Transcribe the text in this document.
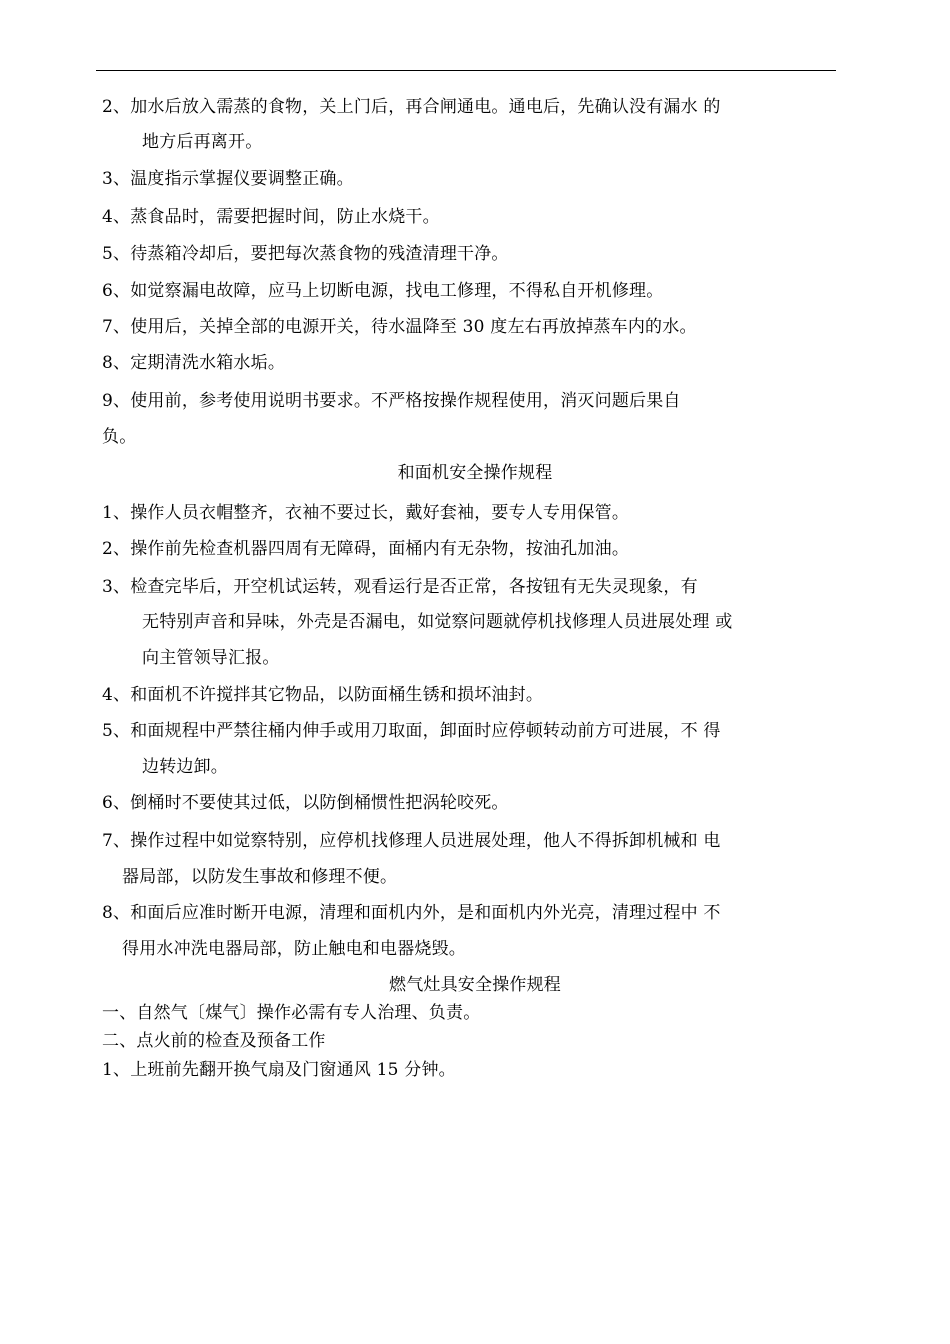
2、加水后放入需蒸的食物，关上门后，再合闸通电。通电后，先确认没有漏水 的
地方后再离开。
3、温度指示掌握仪要调整正确。
4、蒸食品时，需要把握时间，防止水烧干。
5、待蒸箱冷却后，要把每次蒸食物的残渣清理干净。
6、如觉察漏电故障，应马上切断电源，找电工修理，不得私自开机修理。
7、使用后，关掉全部的电源开关，待水温降至 30 度左右再放掉蒸车内的水。
8、定期清洗水箱水垢。
9、使用前，参考使用说明书要求。不严格按操作规程使用，消灭问题后果自
负。
和面机安全操作规程
1、操作人员衣帽整齐，衣袖不要过长，戴好套袖，要专人专用保管。
2、操作前先检查机器四周有无障碍，面桶内有无杂物，按油孔加油。
3、检查完毕后，开空机试运转，观看运行是否正常，各按钮有无失灵现象，有
无特别声音和异味，外壳是否漏电，如觉察问题就停机找修理人员进展处理 或
向主管领导汇报。
4、和面机不许搅拌其它物品，以防面桶生锈和损坏油封。
5、和面规程中严禁往桶内伸手或用刀取面，卸面时应停顿转动前方可进展，不 得
边转边卸。
6、倒桶时不要使其过低，以防倒桶惯性把涡轮咬死。
7、操作过程中如觉察特别，应停机找修理人员进展处理，他人不得拆卸机械和 电
器局部，以防发生事故和修理不便。
8、和面后应准时断开电源，清理和面机内外，是和面机内外光亮，清理过程中 不
得用水冲洗电器局部，防止触电和电器烧毁。
燃气灶具安全操作规程
一、自然气〔煤气〕操作必需有专人治理、负责。
二、点火前的检查及预备工作
1、上班前先翻开换气扇及门窗通风 15 分钟。
